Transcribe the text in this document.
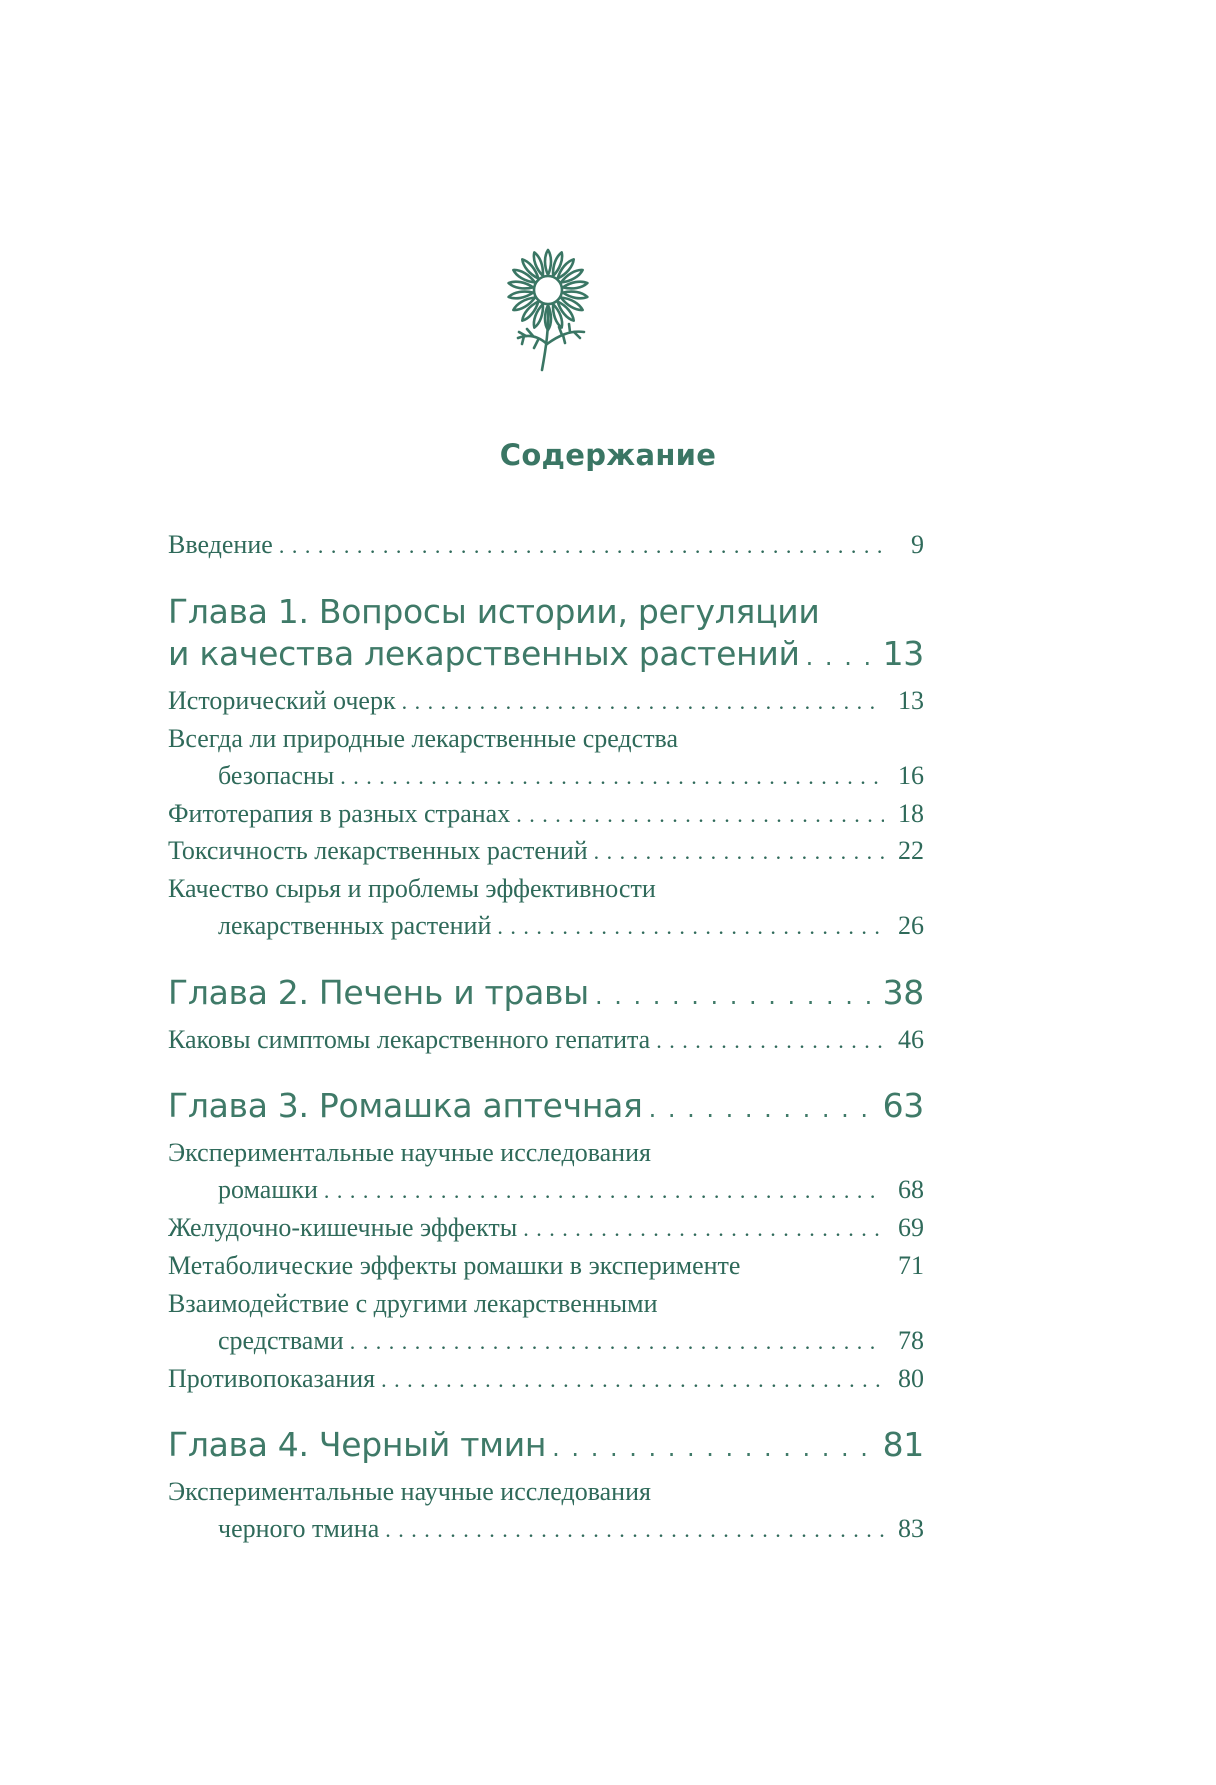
Содержание
Введение . . .	9
Глава 1. Вопросы истории, регуляции
и качества лекарственных растений . . .	13
Исторический очерк . . .	13
Всегда ли природные лекарственные средства
безопасны . . .	16
Фитотерапия в разных странах . . .	18
Токсичность лекарственных растений . . .	22
Качество сырья и проблемы эффективности
лекарственных растений . . .	26
Глава 2. Печень и травы . . .	38
Каковы симптомы лекарственного гепатита . . .	46
Глава 3. Ромашка аптечная . . .	63
Экспериментальные научные исследования
ромашки . . .	68
Желудочно-кишечные эффекты . . .	69
Метаболические эффекты ромашки в эксперименте	71
Взаимодействие с другими лекарственными
средствами . . .	78
Противопоказания . . .	80
Глава 4. Черный тмин . . .	81
Экспериментальные научные исследования
черного тмина . . .	83
